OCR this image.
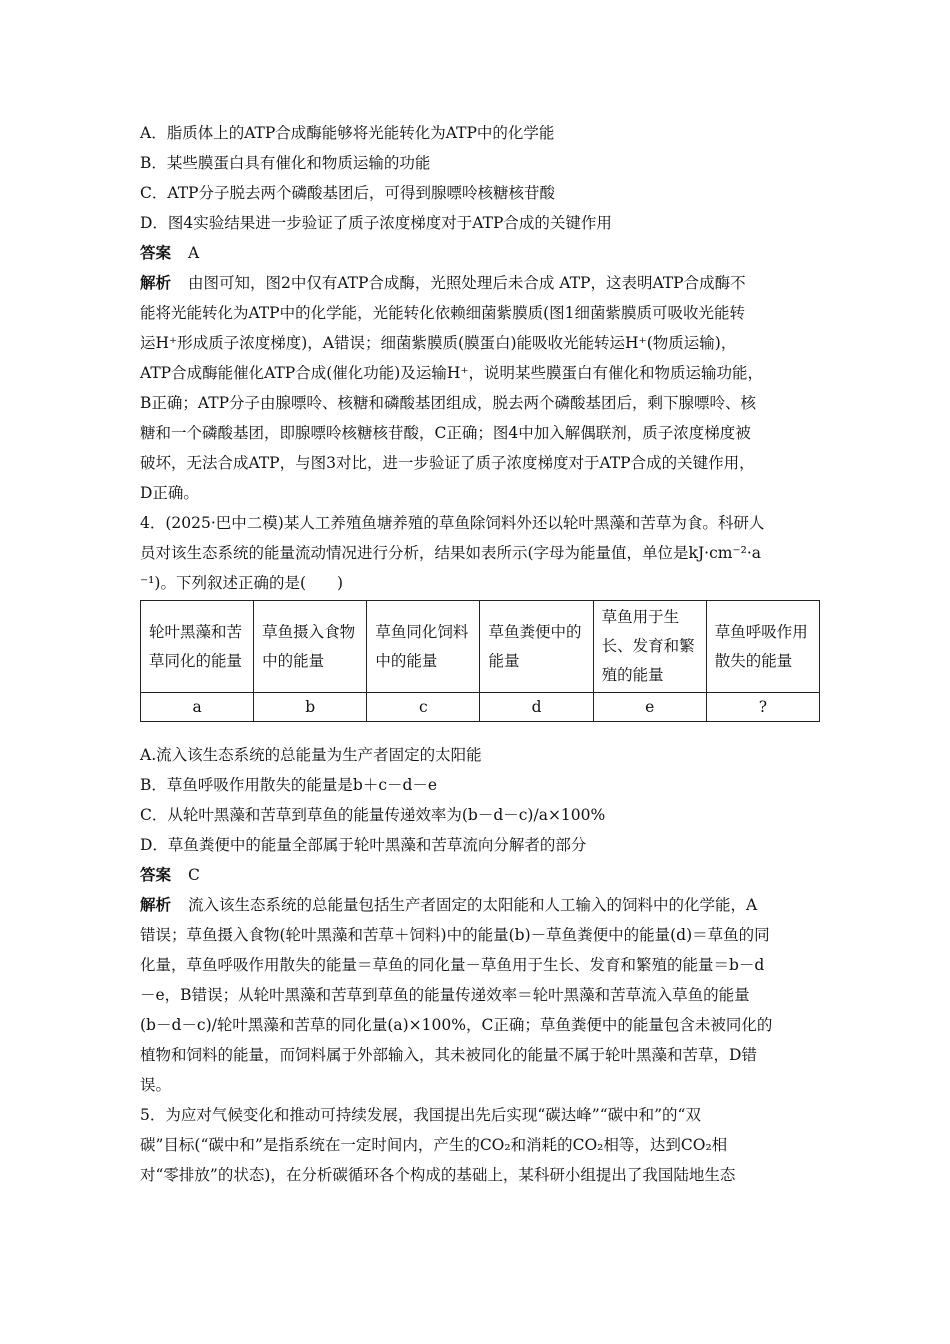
A．脂质体上的ATP合成酶能够将光能转化为ATP中的化学能
B．某些膜蛋白具有催化和物质运输的功能
C．ATP分子脱去两个磷酸基团后，可得到腺嘌呤核糖核苷酸
D．图4实验结果进一步验证了质子浓度梯度对于ATP合成的关键作用
答案 A
解析 由图可知，图2中仅有ATP合成酶，光照处理后未合成 ATP，这表明ATP合成酶不
能将光能转化为ATP中的化学能，光能转化依赖细菌紫膜质(图1细菌紫膜质可吸收光能转
运H⁺形成质子浓度梯度)，A错误；细菌紫膜质(膜蛋白)能吸收光能转运H⁺(物质运输)，
ATP合成酶能催化ATP合成(催化功能)及运输H⁺，说明某些膜蛋白有催化和物质运输功能，
B正确；ATP分子由腺嘌呤、核糖和磷酸基团组成，脱去两个磷酸基团后，剩下腺嘌呤、核
糖和一个磷酸基团，即腺嘌呤核糖核苷酸，C正确；图4中加入解偶联剂，质子浓度梯度被
破坏，无法合成ATP，与图3对比，进一步验证了质子浓度梯度对于ATP合成的关键作用，
D正确。
4．(2025·巴中二模)某人工养殖鱼塘养殖的草鱼除饲料外还以轮叶黑藻和苦草为食。科研人
员对该生态系统的能量流动情况进行分析，结果如表所示(字母为能量值，单位是kJ·cm⁻²·a
⁻¹)。下列叙述正确的是(　　)
轮叶黑藻和苦草同化的能量	草鱼摄入食物中的能量	草鱼同化饲料中的能量	草鱼粪便中的能量	草鱼用于生长、发育和繁殖的能量	草鱼呼吸作用散失的能量
a	b	c	d	e	?
A.流入该生态系统的总能量为生产者固定的太阳能
B．草鱼呼吸作用散失的能量是b＋c－d－e
C．从轮叶黑藻和苦草到草鱼的能量传递效率为(b－d－c)/a×100%
D．草鱼粪便中的能量全部属于轮叶黑藻和苦草流向分解者的部分
答案 C
解析 流入该生态系统的总能量包括生产者固定的太阳能和人工输入的饲料中的化学能，A
错误；草鱼摄入食物(轮叶黑藻和苦草＋饲料)中的能量(b)－草鱼粪便中的能量(d)＝草鱼的同
化量，草鱼呼吸作用散失的能量＝草鱼的同化量－草鱼用于生长、发育和繁殖的能量＝b－d
－e，B错误；从轮叶黑藻和苦草到草鱼的能量传递效率＝轮叶黑藻和苦草流入草鱼的能量
(b－d－c)/轮叶黑藻和苦草的同化量(a)×100%，C正确；草鱼粪便中的能量包含未被同化的
植物和饲料的能量，而饲料属于外部输入，其未被同化的能量不属于轮叶黑藻和苦草，D错
误。
5．为应对气候变化和推动可持续发展，我国提出先后实现“碳达峰”“碳中和”的“双
碳”目标(“碳中和”是指系统在一定时间内，产生的CO₂和消耗的CO₂相等，达到CO₂相
对“零排放”的状态)，在分析碳循环各个构成的基础上，某科研小组提出了我国陆地生态
